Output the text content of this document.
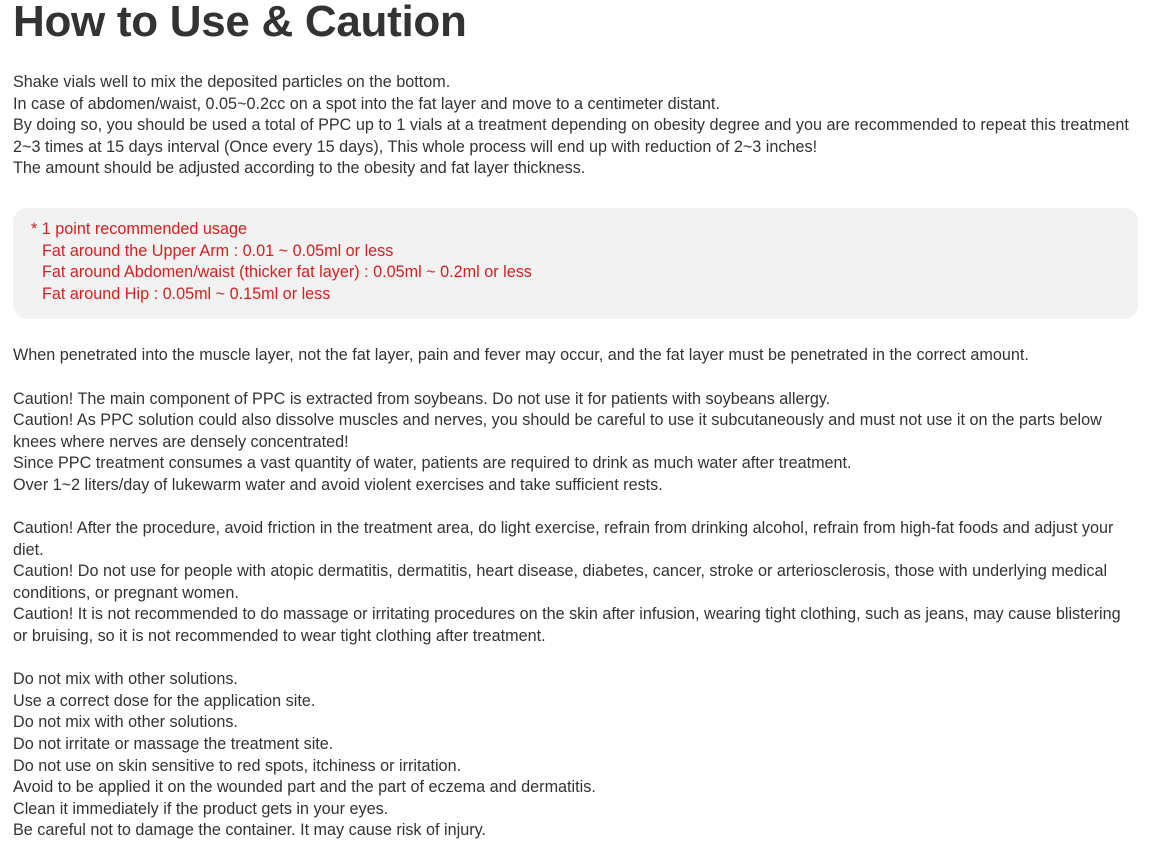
How to Use & Caution
Shake vials well to mix the deposited particles on the bottom.
In case of abdomen/waist, 0.05~0.2cc on a spot into the fat layer and move to a centimeter distant.
By doing so, you should be used a total of PPC up to 1 vials at a treatment depending on obesity degree and you are recommended to repeat this treatment 2~3 times at 15 days interval (Once every 15 days), This whole process will end up with reduction of 2~3 inches!
The amount should be adjusted according to the obesity and fat layer thickness.
* 1 point recommended usage
Fat around the Upper Arm : 0.01 ~ 0.05ml or less
Fat around Abdomen/waist (thicker fat layer) : 0.05ml ~ 0.2ml or less
Fat around Hip : 0.05ml ~ 0.15ml or less
When penetrated into the muscle layer, not the fat layer, pain and fever may occur, and the fat layer must be penetrated in the correct amount.
Caution! The main component of PPC is extracted from soybeans. Do not use it for patients with soybeans allergy.
Caution! As PPC solution could also dissolve muscles and nerves, you should be careful to use it subcutaneously and must not use it on the parts below knees where nerves are densely concentrated!
Since PPC treatment consumes a vast quantity of water, patients are required to drink as much water after treatment.
Over 1~2 liters/day of lukewarm water and avoid violent exercises and take sufficient rests.
Caution! After the procedure, avoid friction in the treatment area, do light exercise, refrain from drinking alcohol, refrain from high-fat foods and adjust your diet.
Caution! Do not use for people with atopic dermatitis, dermatitis, heart disease, diabetes, cancer, stroke or arteriosclerosis, those with underlying medical conditions, or pregnant women.
Caution! It is not recommended to do massage or irritating procedures on the skin after infusion, wearing tight clothing, such as jeans, may cause blistering or bruising, so it is not recommended to wear tight clothing after treatment.
Do not mix with other solutions.
Use a correct dose for the application site.
Do not mix with other solutions.
Do not irritate or massage the treatment site.
Do not use on skin sensitive to red spots, itchiness or irritation.
Avoid to be applied it on the wounded part and the part of eczema and dermatitis.
Clean it immediately if the product gets in your eyes.
Be careful not to damage the container. It may cause risk of injury.
